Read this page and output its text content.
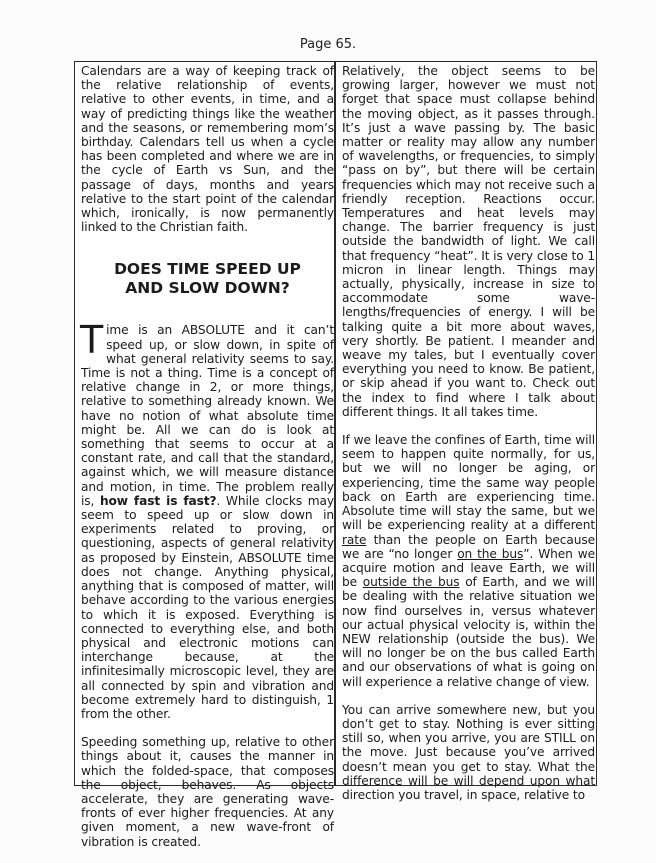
Page 65.

Calendars are a way of keeping track of the relative relationship of events, relative to other events, in time, and a way of predicting things like the weather and the seasons, or remembering mom’s birthday. Calendars tell us when a cycle has been completed and where we are in the cycle of Earth vs Sun, and the passage of days, months and years relative to the start point of the calendar which, ironically, is now permanently linked to the Christian faith.

DOES TIME SPEED UP
AND SLOW DOWN?

Time is an ABSOLUTE and it can’t speed up, or slow down, in spite of what general relativity seems to say. Time is not a thing. Time is a concept of relative change in 2, or more things, relative to something already known. We have no notion of what absolute time might be. All we can do is look at something that seems to occur at a constant rate, and call that the standard, against which, we will measure distance and motion, in time. The problem really is, how fast is fast?. While clocks may seem to speed up or slow down in experiments related to proving, or questioning, aspects of general relativity as proposed by Einstein, ABSOLUTE time does not change. Anything physical, anything that is composed of matter, will behave according to the various energies to which it is exposed. Everything is connected to everything else, and both physical and electronic motions can interchange because, at the infinitesimally microscopic level, they are all connected by spin and vibration and become extremely hard to distinguish, 1 from the other.

Speeding something up, relative to other things about it, causes the manner in which the folded-space, that composes the object, behaves. As objects accelerate, they are generating wave-fronts of ever higher frequencies. At any given moment, a new wave-front of vibration is created.

Relatively, the object seems to be growing larger, however we must not forget that space must collapse behind the moving object, as it passes through. It’s just a wave passing by. The basic matter or reality may allow any number of wavelengths, or frequencies, to simply “pass on by”, but there will be certain frequencies which may not receive such a friendly reception. Reactions occur. Temperatures and heat levels may change. The barrier frequency is just outside the bandwidth of light. We call that frequency “heat”. It is very close to 1 micron in linear length. Things may actually, physically, increase in size to accommodate some wave-lengths/frequencies of energy. I will be talking quite a bit more about waves, very shortly. Be patient. I meander and weave my tales, but I eventually cover everything you need to know. Be patient, or skip ahead if you want to. Check out the index to find where I talk about different things. It all takes time.

If we leave the confines of Earth, time will seem to happen quite normally, for us, but we will no longer be aging, or experiencing, time the same way people back on Earth are experiencing time. Absolute time will stay the same, but we will be experiencing reality at a different rate than the people on Earth because we are “no longer on the bus”. When we acquire motion and leave Earth, we will be outside the bus of Earth, and we will be dealing with the relative situation we now find ourselves in, versus whatever our actual physical velocity is, within the NEW relationship (outside the bus). We will no longer be on the bus called Earth and our observations of what is going on will experience a relative change of view.

You can arrive somewhere new, but you don’t get to stay. Nothing is ever sitting still so, when you arrive, you are STILL on the move. Just because you’ve arrived doesn’t mean you get to stay. What the difference will be will depend upon what direction you travel, in space, relative to
